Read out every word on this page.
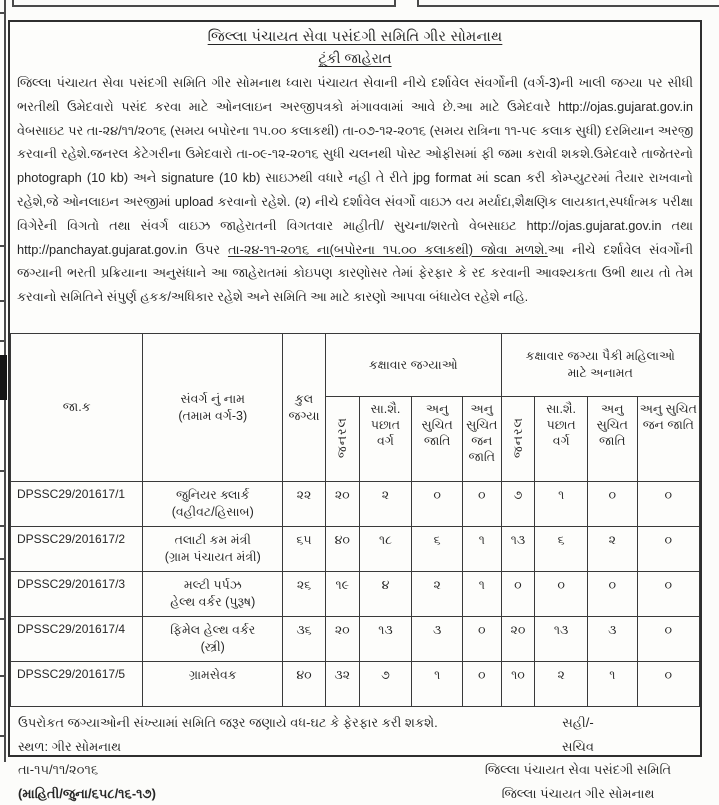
જિલ્લા પંચાયત સેવા પસંદગી સમિતિ ગીર સોમનાથ
ટૂંકી જાહેરાત

જિલ્લા પંચાયત સેવા પસંદગી સમિતિ ગીર સોમનાથ ધ્વારા પંચાયત સેવાની નીચે દર્શાવેલ સંવર્ગોની (વર્ગ-3)ની ખાલી જગ્યા પર સીધી ભરતીથી ઉમેદવારો પસંદ કરવા માટે ઓનલાઇન અરજીપત્રકો મંગાવવામાં આવે છે.આ માટે ઉમેદવારે http://ojas.gujarat.gov.in વેબસાઇટ પર તા-૨૪/૧૧/૨૦૧૬ (સમય બપોરના ૧૫.૦૦ કલાકથી) તા-૦૭-૧૨-૨૦૧૬ (સમય રાત્રિના ૧૧-૫૯ કલાક સુધી) દરમિયાન અરજી કરવાની રહેશે.જનરલ કેટેગરીના ઉમેદવારો તા-૦૯-૧૨-૨૦૧૬ સુધી ચલનથી પોસ્ટ ઓફીસમાં ફી જમા કરાવી શકશે.ઉમેદવારે તાજેતરનો photograph (10 kb) અને signature (10 kb) સાઇઝથી વધારે નહી તે રીતે jpg format માં scan કરી કોમ્પ્યુટરમાં તૈયાર રાખવાનો રહેશે,જે ઓનલાઇન અરજીમાં upload કરવાનો રહેશે. (૨) નીચે દર્શાવેલ સંવર્ગો વાઇઝ વય મર્યાદા,શૈક્ષણિક લાયકાત,સ્પર્ધાત્મક પરીક્ષા વિગેરેની વિગતો તથા સંવર્ગ વાઇઝ જાહેરાતની વિગતવાર માહીતી/ સુચના/શરતો વેબસાઇટ http://ojas.gujarat.gov.in તથા http://panchayat.gujarat.gov.in ઉપર તા-૨૪-૧૧-૨૦૧૬ ના(બપોરના ૧૫.૦૦ કલાકથી) જોવા મળશે.આ નીચે દર્શાવેલ સંવર્ગોની જગ્યાની ભરતી પ્રક્રિયાના અનુસંધાને આ જાહેરાતમાં કોઇપણ કારણોસર તેમાં ફેરફાર કે રદ કરવાની આવશ્યકતા ઉભી થાય તો તેમ કરવાનો સમિતિને સંપુર્ણ હકક/અધિકાર રહેશે અને સમિતિ આ માટે કારણો આપવા બંધાયેલ રહેશે નહિ.

જા.ક	
સંવર્ગ નું નામ
(તમામ વર્ગ-3)

કુલ
જગ્યા
	કક્ષાવાર જગ્યાઓ	
કક્ષાવાર જગ્યા પૈકી મહિલાઓ
માટે અનામત

			જનરલ	સા.શૈ. પછાત વર્ગ	અનુ સુચિત જાતિ	અનુ સુચિત જન જાતિ	જનરલ	સા.શૈ. પછાત વર્ગ	અનુ સુચિત જાતિ	અનુ સુચિત જન જાતિ
DPSSC29/201617/1	જુનિયર ક્લાર્ક
(વહીવટ/હિસાબ)	૨૨	૨૦	૨	૦	૦	૭	૧	૦	૦
DPSSC29/201617/2	તલાટી કમ મંત્રી
(ગ્રામ પંચાયત મંત્રી)	૬૫	૪૦	૧૮	૬	૧	૧૩	૬	૨	૦
DPSSC29/201617/3	મલ્ટી પર્પઝ
હેલ્થ વર્કર (પુરૂષ)	૨૬	૧૯	૪	૨	૧	૦	૦	૦	૦
DPSSC29/201617/4	ફિમેલ હેલ્થ વર્કર
(સ્ત્રી)	૩૬	૨૦	૧૩	૩	૦	૨૦	૧૩	૩	૦
DPSSC29/201617/5	ગ્રામસેવક	૪૦	૩૨	૭	૧	૦	૧૦	૨	૧	૦
ઉપરોકત જગ્યાઓની સંખ્યામાં સમિતિ જરૂર જણાયે વધ-ઘટ કે ફેરફાર કરી શકશે.
સ્થળ: ગીર સોમનાથ
તા-૧૫/૧૧/૨૦૧૬
(માહિતી/જુના/૬૫૮/૧૬-૧૭)
સહી/-
સચિવ
જિલ્લા પંચાયત સેવા પસંદગી સમિતિ
જિલ્લા પંચાયત ગીર સોમનાથ
